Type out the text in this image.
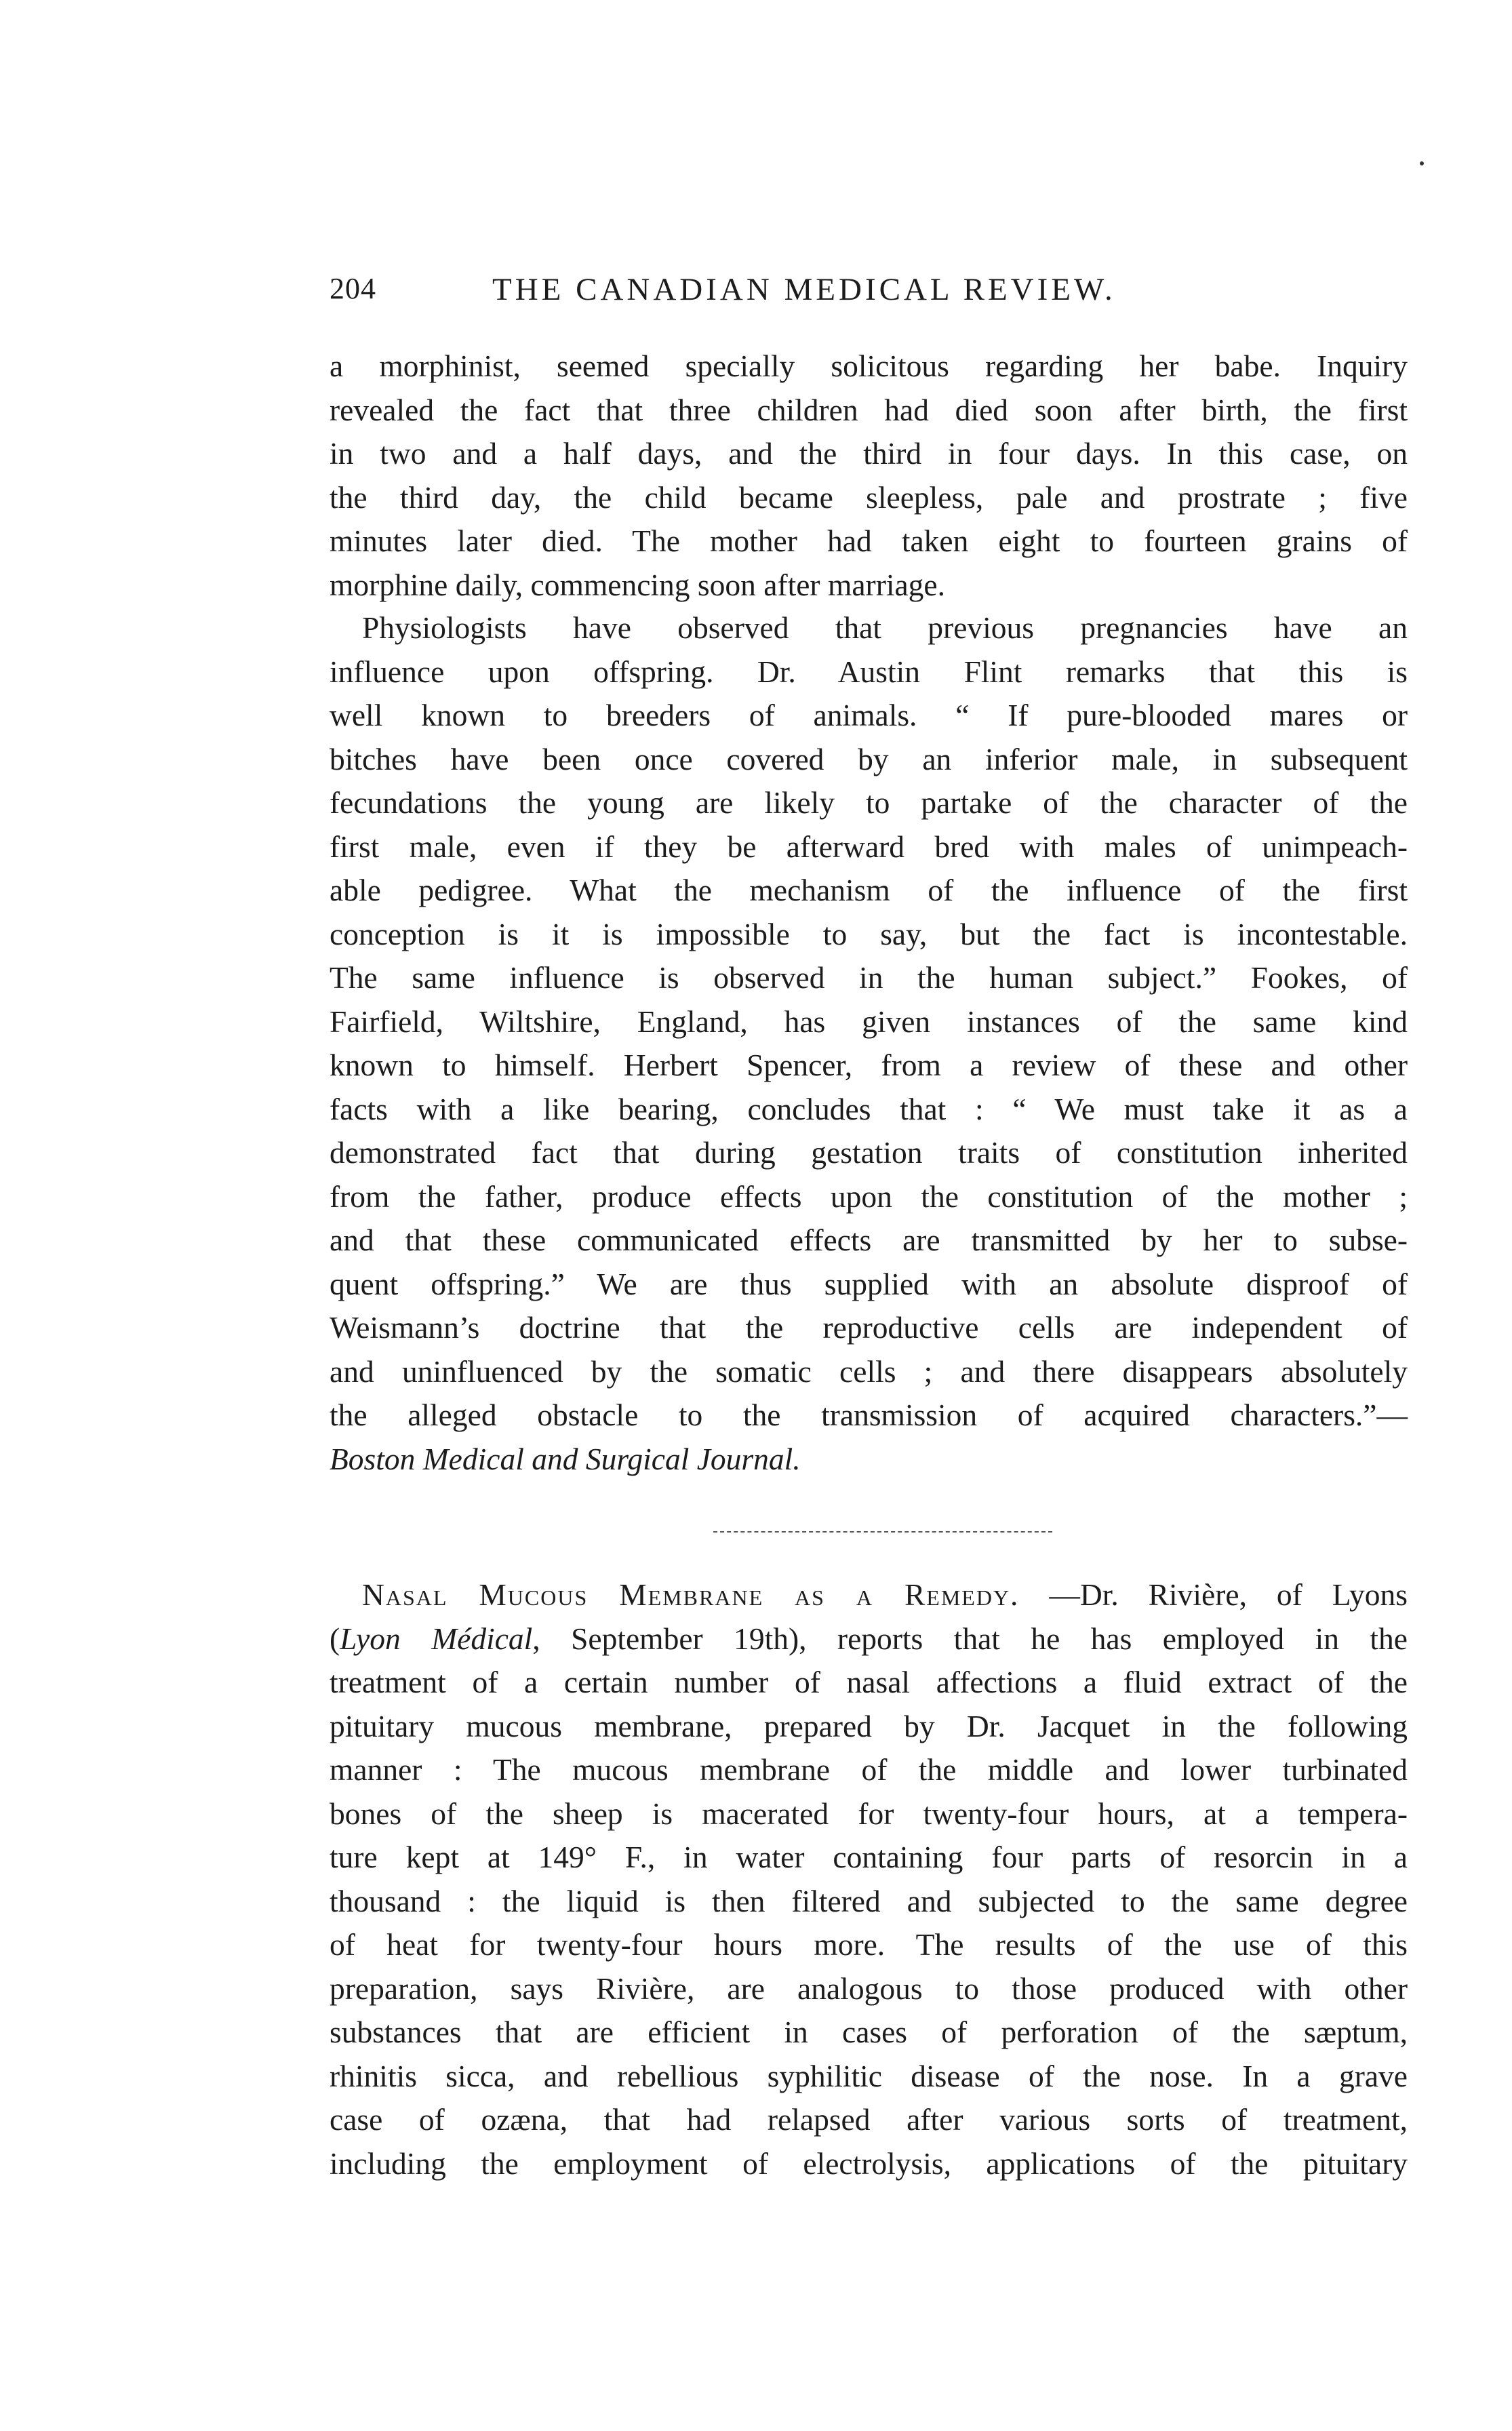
204	THE CANADIAN MEDICAL REVIEW.
a morphinist, seemed specially solicitous regarding her babe. Inquiry
revealed the fact that three children had died soon after birth, the first
in two and a half days, and the third in four days. In this case, on
the third day, the child became sleepless, pale and prostrate ; five
minutes later died. The mother had taken eight to fourteen grains of
morphine daily, commencing soon after marriage.
Physiologists have observed that previous pregnancies have an
influence upon offspring. Dr. Austin Flint remarks that this is
well known to breeders of animals. “ If pure-blooded mares or
bitches have been once covered by an inferior male, in subsequent
fecundations the young are likely to partake of the character of the
first male, even if they be afterward bred with males of unimpeach-
able pedigree. What the mechanism of the influence of the first
conception is it is impossible to say, but the fact is incontestable.
The same influence is observed in the human subject.” Fookes, of
Fairfield, Wiltshire, England, has given instances of the same kind
known to himself. Herbert Spencer, from a review of these and other
facts with a like bearing, concludes that : “ We must take it as a
demonstrated fact that during gestation traits of constitution inherited
from the father, produce effects upon the constitution of the mother ;
and that these communicated effects are transmitted by her to subse-
quent offspring.” We are thus supplied with an absolute disproof of
Weismann’s doctrine that the reproductive cells are independent of
and uninfluenced by the somatic cells ; and there disappears absolutely
the alleged obstacle to the transmission of acquired characters.”—
Boston Medical and Surgical Journal.
Nasal Mucous Membrane as a Remedy. —Dr. Rivière, of Lyons
(Lyon Médical, September 19th), reports that he has employed in the
treatment of a certain number of nasal affections a fluid extract of the
pituitary mucous membrane, prepared by Dr. Jacquet in the following
manner : The mucous membrane of the middle and lower turbinated
bones of the sheep is macerated for twenty-four hours, at a tempera-
ture kept at 149° F., in water containing four parts of resorcin in a
thousand : the liquid is then filtered and subjected to the same degree
of heat for twenty-four hours more. The results of the use of this
preparation, says Rivière, are analogous to those produced with other
substances that are efficient in cases of perforation of the sæptum,
rhinitis sicca, and rebellious syphilitic disease of the nose. In a grave
case of ozæna, that had relapsed after various sorts of treatment,
including the employment of electrolysis, applications of the pituitary
